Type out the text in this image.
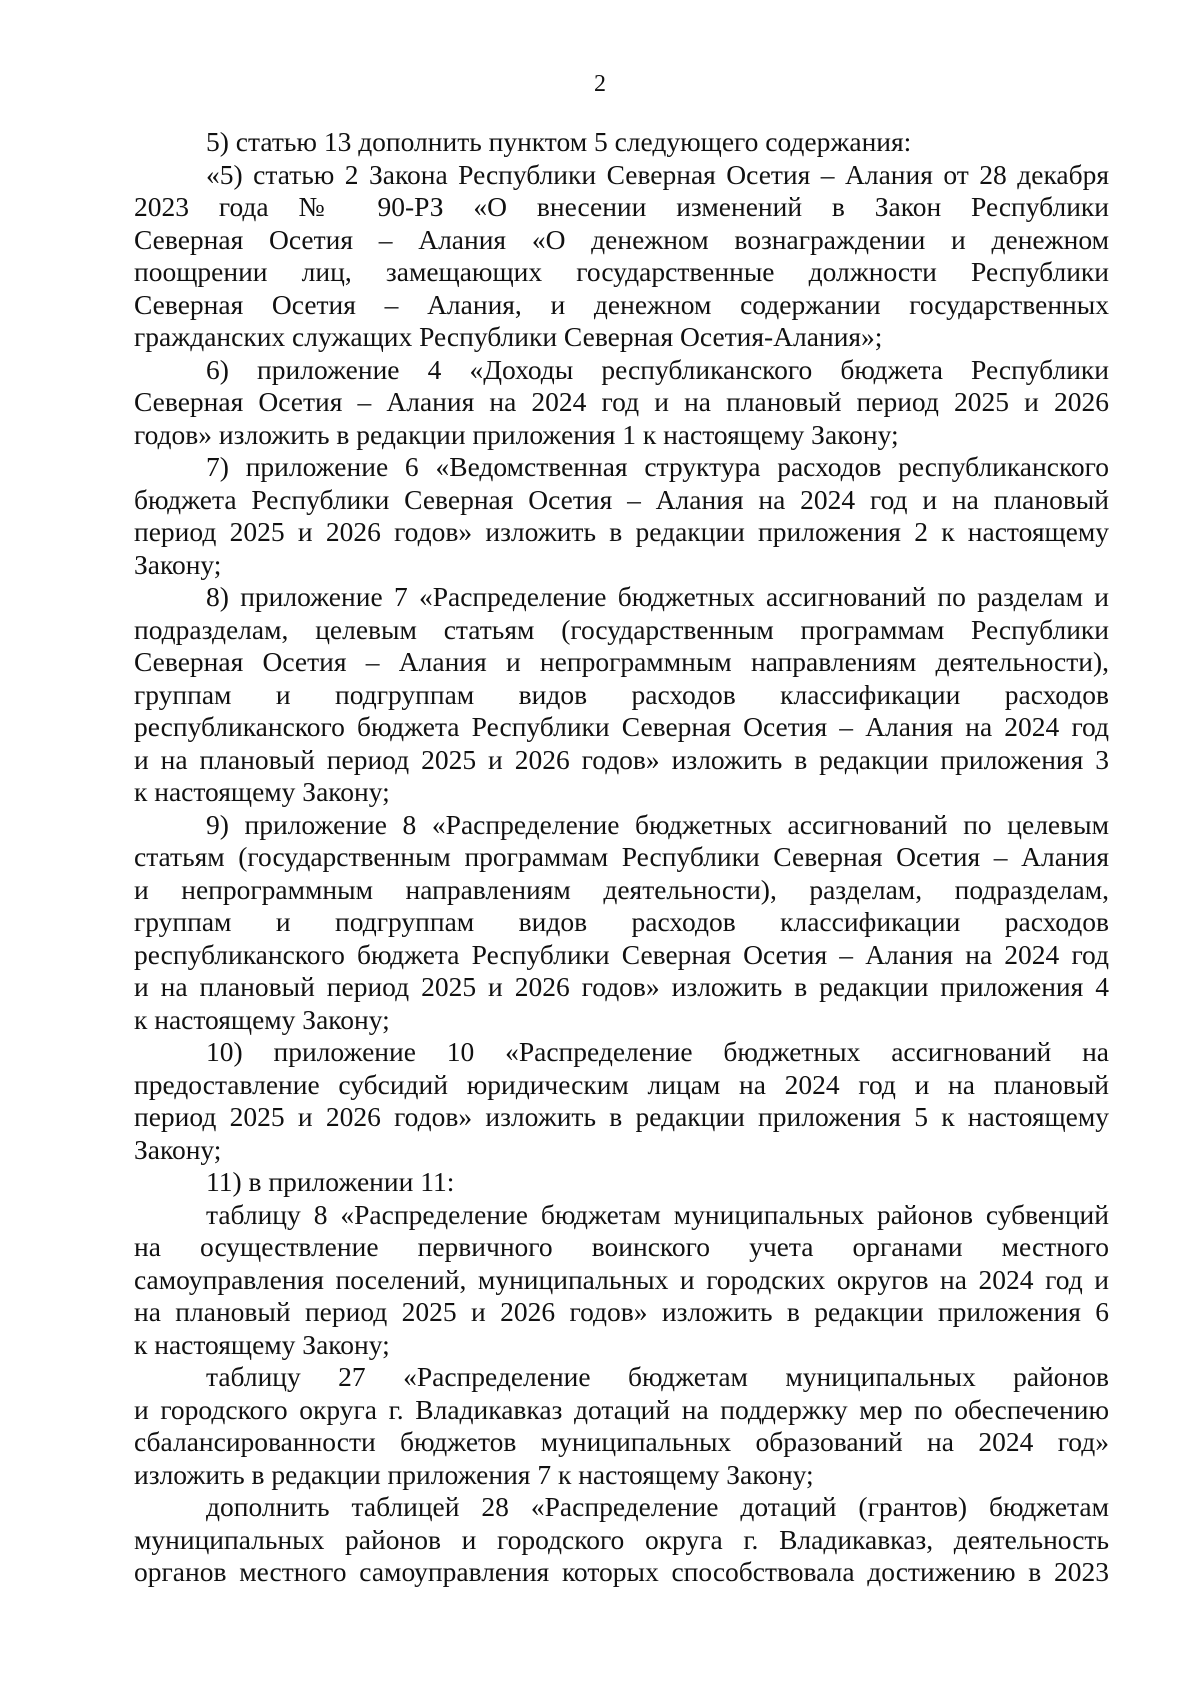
2
5) статью 13 дополнить пунктом 5 следующего содержания:
«5) статью 2 Закона Республики Северная Осетия – Алания от 28 декабря
2023 года № 90-РЗ «О внесении изменений в Закон Республики
Северная Осетия – Алания «О денежном вознаграждении и денежном
поощрении лиц, замещающих государственные должности Республики
Северная Осетия – Алания, и денежном содержании государственных
гражданских служащих Республики Северная Осетия-Алания»;
6) приложение 4 «Доходы республиканского бюджета Республики
Северная Осетия – Алания на 2024 год и на плановый период 2025 и 2026
годов» изложить в редакции приложения 1 к настоящему Закону;
7) приложение 6 «Ведомственная структура расходов республиканского
бюджета Республики Северная Осетия – Алания на 2024 год и на плановый
период 2025 и 2026 годов» изложить в редакции приложения 2 к настоящему
Закону;
8) приложение 7 «Распределение бюджетных ассигнований по разделам и
подразделам, целевым статьям (государственным программам Республики
Северная Осетия – Алания и непрограммным направлениям деятельности),
группам и подгруппам видов расходов классификации расходов
республиканского бюджета Республики Северная Осетия – Алания на 2024 год
и на плановый период 2025 и 2026 годов» изложить в редакции приложения 3
к настоящему Закону;
9) приложение 8 «Распределение бюджетных ассигнований по целевым
статьям (государственным программам Республики Северная Осетия – Алания
и непрограммным направлениям деятельности), разделам, подразделам,
группам и подгруппам видов расходов классификации расходов
республиканского бюджета Республики Северная Осетия – Алания на 2024 год
и на плановый период 2025 и 2026 годов» изложить в редакции приложения 4
к настоящему Закону;
10) приложение 10 «Распределение бюджетных ассигнований на
предоставление субсидий юридическим лицам на 2024 год и на плановый
период 2025 и 2026 годов» изложить в редакции приложения 5 к настоящему
Закону;
11) в приложении 11:
таблицу 8 «Распределение бюджетам муниципальных районов субвенций
на осуществление первичного воинского учета органами местного
самоуправления поселений, муниципальных и городских округов на 2024 год и
на плановый период 2025 и 2026 годов» изложить в редакции приложения 6
к настоящему Закону;
таблицу 27 «Распределение бюджетам муниципальных районов
и городского округа г. Владикавказ дотаций на поддержку мер по обеспечению
сбалансированности бюджетов муниципальных образований на 2024 год»
изложить в редакции приложения 7 к настоящему Закону;
дополнить таблицей 28 «Распределение дотаций (грантов) бюджетам
муниципальных районов и городского округа г. Владикавказ, деятельность
органов местного самоуправления которых способствовала достижению в 2023
